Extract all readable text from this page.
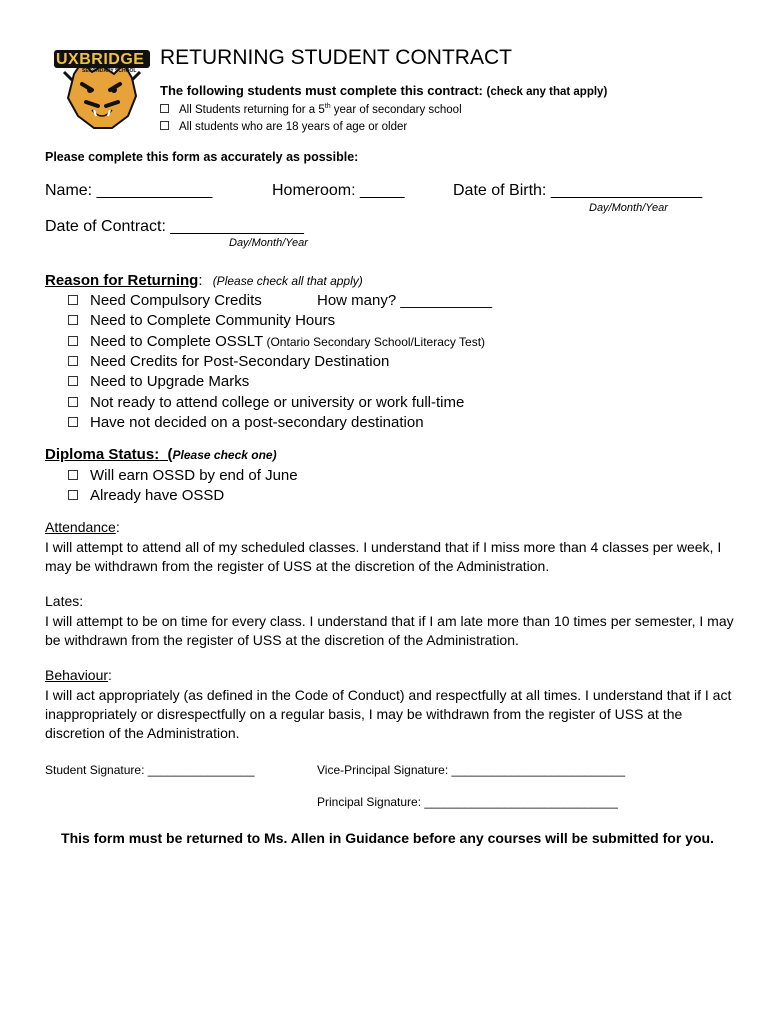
UXBRIDGE
SECONDARY SCHOOL
RETURNING STUDENT CONTRACT
The following students must complete this contract: (check any that apply)
All Students returning for a 5th year of secondary school
All students who are 18 years of age or older
Please complete this form as accurately as possible:
Name: _____________	Homeroom: _____	Date of Birth: _________________
Day/Month/Year
Date of Contract: _______________
Day/Month/Year
Reason for Returning: (Please check all that apply)
Need Compulsory Credits	How many? ___________
Need to Complete Community Hours
Need to Complete OSSLT (Ontario Secondary School/Literacy Test)
Need Credits for Post-Secondary Destination
Need to Upgrade Marks
Not ready to attend college or university or work full-time
Have not decided on a post-secondary destination
Diploma Status:  (Please check one)
Will earn OSSD by end of June
Already have OSSD
Attendance:
I will attempt to attend all of my scheduled classes. I understand that if I miss more than 4 classes per week, I may be withdrawn from the register of USS at the discretion of the Administration.
Lates:
I will attempt to be on time for every class. I understand that if I am late more than 10 times per semester, I may be withdrawn from the register of USS at the discretion of the Administration.
Behaviour:
I will act appropriately (as defined in the Code of Conduct) and respectfully at all times. I understand that if I act inappropriately or disrespectfully on a regular basis, I may be withdrawn from the register of USS at the discretion of the Administration.
Student Signature: ________________	Vice-Principal Signature: __________________________
Principal Signature: _____________________________
This form must be returned to Ms. Allen in Guidance before any courses will be submitted for you.
